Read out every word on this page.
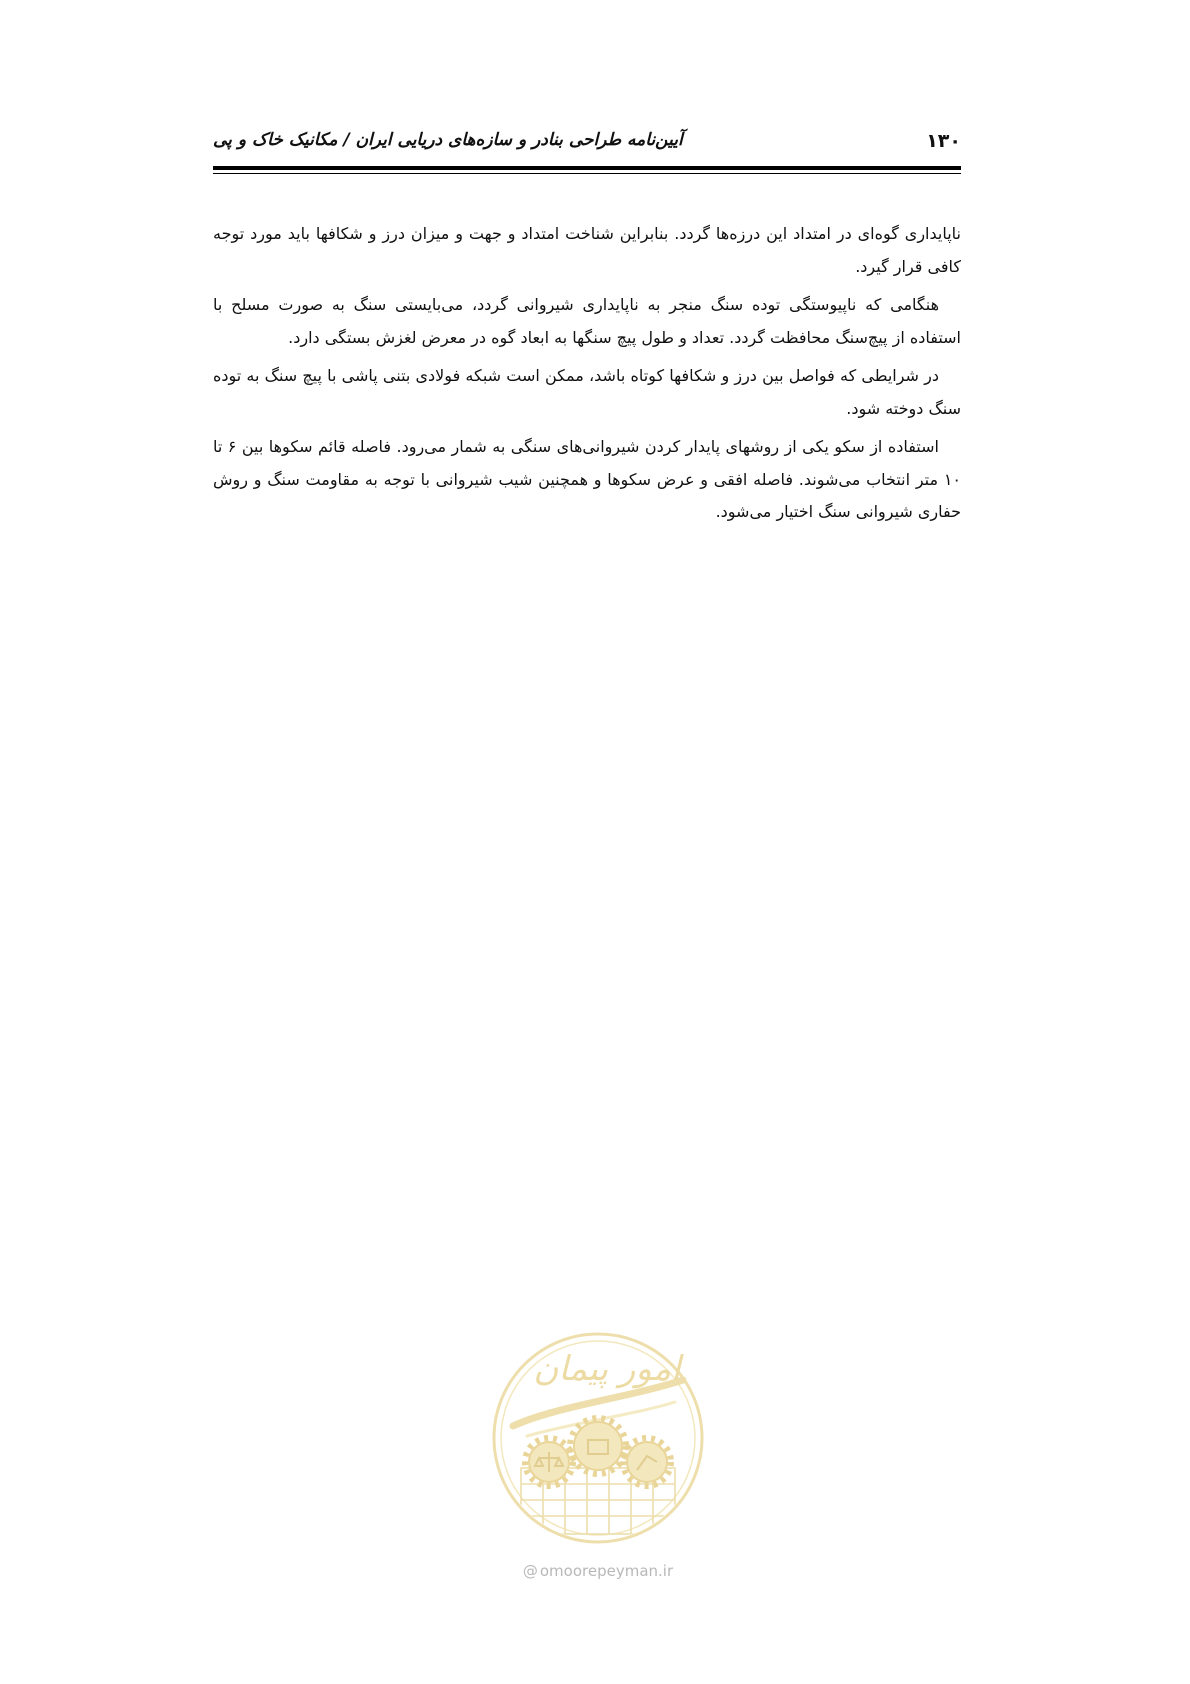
۱۳۰
آیین‌نامه طراحی بنادر و سازه‌های دریایی ایران / مکانیک خاک و پی

ناپایداری گوه‌ای در امتداد این درزه‌ها گردد. بنابراین شناخت امتداد و جهت و میزان درز و شکافها باید مورد توجه کافی قرار گیرد.

هنگامی که ناپیوستگی توده سنگ منجر به ناپایداری شیروانی گردد، می‌بایستی سنگ به صورت مسلح با استفاده از پیچ‌سنگ محافظت گردد. تعداد و طول پیچ سنگها به ابعاد گوه در معرض لغزش بستگی دارد.

در شرایطی که فواصل بین درز و شکافها کوتاه باشد، ممکن است شبکه فولادی بتنی پاشی با پیچ سنگ به توده سنگ دوخته شود.

استفاده از سکو یکی از روشهای پایدار کردن شیروانی‌های سنگی به شمار می‌رود. فاصله قائم سکوها بین ۶ تا ۱۰ متر انتخاب می‌شوند. فاصله افقی و عرض سکوها و همچنین شیب شیروانی با توجه به مقاومت سنگ و روش حفاری شیروانی سنگ اختیار می‌شود.

امور پیمان
@ omoorepeyman.ir
